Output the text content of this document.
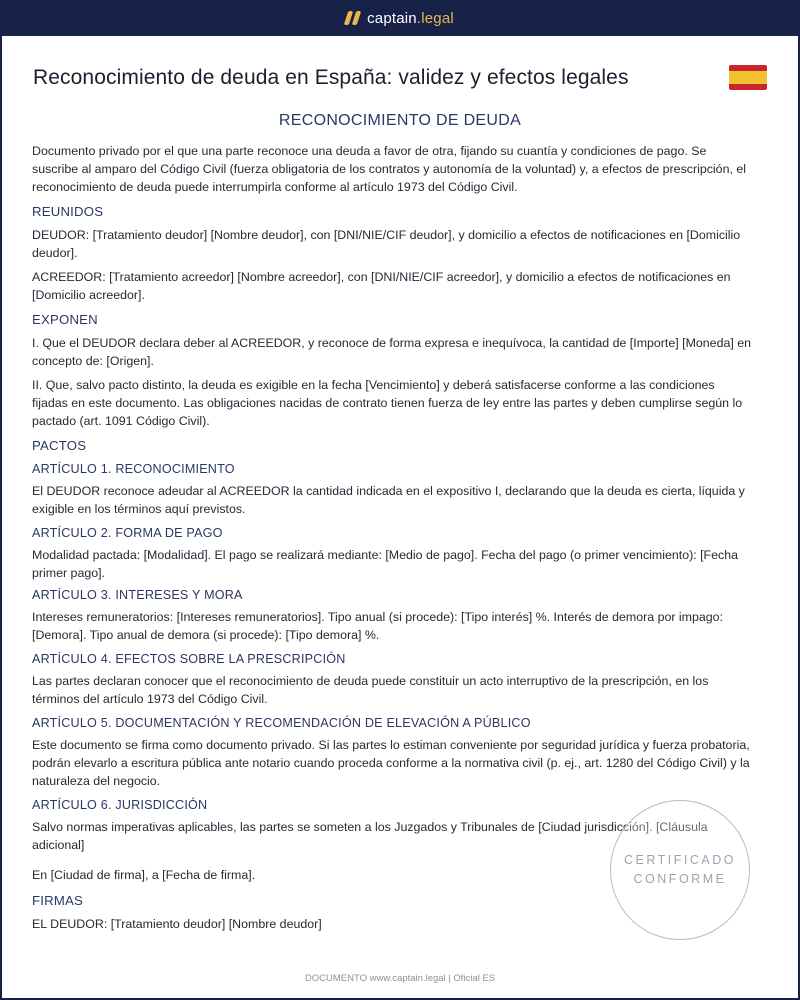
captain.legal
Reconocimiento de deuda en España: validez y efectos legales
RECONOCIMIENTO DE DEUDA

Documento privado por el que una parte reconoce una deuda a favor de otra, fijando su cuantía y condiciones de pago. Se suscribe al amparo del Código Civil (fuerza obligatoria de los contratos y autonomía de la voluntad) y, a efectos de prescripción, el reconocimiento de deuda puede interrumpirla conforme al artículo 1973 del Código Civil.

REUNIDOS

DEUDOR: [Tratamiento deudor] [Nombre deudor], con [DNI/NIE/CIF deudor], y domicilio a efectos de notificaciones en [Domicilio deudor].

ACREEDOR: [Tratamiento acreedor] [Nombre acreedor], con [DNI/NIE/CIF acreedor], y domicilio a efectos de notificaciones en [Domicilio acreedor].

EXPONEN

I. Que el DEUDOR declara deber al ACREEDOR, y reconoce de forma expresa e inequívoca, la cantidad de [Importe] [Moneda] en concepto de: [Origen].

II. Que, salvo pacto distinto, la deuda es exigible en la fecha [Vencimiento] y deberá satisfacerse conforme a las condiciones fijadas en este documento. Las obligaciones nacidas de contrato tienen fuerza de ley entre las partes y deben cumplirse según lo pactado (art. 1091 Código Civil).

PACTOS
ARTÍCULO 1. RECONOCIMIENTO

El DEUDOR reconoce adeudar al ACREEDOR la cantidad indicada en el expositivo I, declarando que la deuda es cierta, líquida y exigible en los términos aquí previstos.

ARTÍCULO 2. FORMA DE PAGO

Modalidad pactada: [Modalidad]. El pago se realizará mediante: [Medio de pago]. Fecha del pago (o primer vencimiento): [Fecha primer pago].

ARTÍCULO 3. INTERESES Y MORA

Intereses remuneratorios: [Intereses remuneratorios]. Tipo anual (si procede): [Tipo interés] %. Interés de demora por impago: [Demora]. Tipo anual de demora (si procede): [Tipo demora] %.

ARTÍCULO 4. EFECTOS SOBRE LA PRESCRIPCIÓN

Las partes declaran conocer que el reconocimiento de deuda puede constituir un acto interruptivo de la prescripción, en los términos del artículo 1973 del Código Civil.

ARTÍCULO 5. DOCUMENTACIÓN Y RECOMENDACIÓN DE ELEVACIÓN A PÚBLICO

Este documento se firma como documento privado. Si las partes lo estiman conveniente por seguridad jurídica y fuerza probatoria, podrán elevarlo a escritura pública ante notario cuando proceda conforme a la normativa civil (p. ej., art. 1280 del Código Civil) y la naturaleza del negocio.

ARTÍCULO 6. JURISDICCIÓN

Salvo normas imperativas aplicables, las partes se someten a los Juzgados y Tribunales de [Ciudad jurisdicción]. [Cláusula adicional]

En [Ciudad de firma], a [Fecha de firma].

FIRMAS

EL DEUDOR: [Tratamiento deudor] [Nombre deudor]

CERTIFICADO
CONFORME
DOCUMENTO www.captain.legal | Oficial ES
